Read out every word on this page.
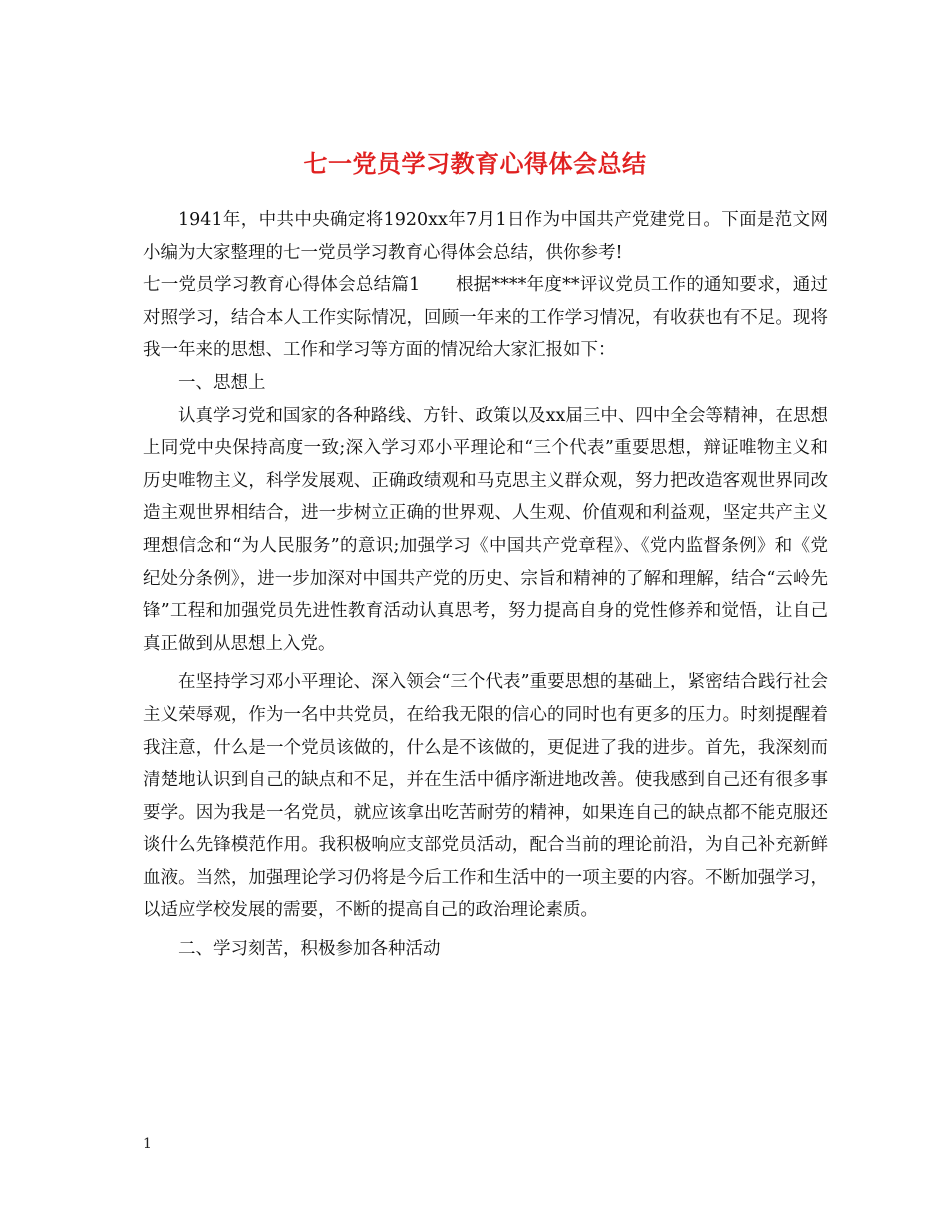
七一党员学习教育心得体会总结

1941年，中共中央确定将1920xx年7月1日作为中国共产党建党日。下面是范文网小编为大家整理的七一党员学习教育心得体会总结，供你参考!

七一党员学习教育心得体会总结篇1　　根据****年度**评议党员工作的通知要求，通过对照学习，结合本人工作实际情况，回顾一年来的工作学习情况，有收获也有不足。现将我一年来的思想、工作和学习等方面的情况给大家汇报如下：

一、思想上

认真学习党和国家的各种路线、方针、政策以及xx届三中、四中全会等精神，在思想上同党中央保持高度一致;深入学习邓小平理论和“三个代表”重要思想，辩证唯物主义和历史唯物主义，科学发展观、正确政绩观和马克思主义群众观，努力把改造客观世界同改造主观世界相结合，进一步树立正确的世界观、人生观、价值观和利益观，坚定共产主义理想信念和“为人民服务”的意识;加强学习《中国共产党章程》、《党内监督条例》和《党纪处分条例》，进一步加深对中国共产党的历史、宗旨和精神的了解和理解，结合“云岭先锋”工程和加强党员先进性教育活动认真思考，努力提高自身的党性修养和觉悟，让自己真正做到从思想上入党。

在坚持学习邓小平理论、深入领会“三个代表”重要思想的基础上，紧密结合践行社会主义荣辱观，作为一名中共党员，在给我无限的信心的同时也有更多的压力。时刻提醒着我注意，什么是一个党员该做的，什么是不该做的，更促进了我的进步。首先，我深刻而清楚地认识到自己的缺点和不足，并在生活中循序渐进地改善。使我感到自己还有很多事要学。因为我是一名党员，就应该拿出吃苦耐劳的精神，如果连自己的缺点都不能克服还谈什么先锋模范作用。我积极响应支部党员活动，配合当前的理论前沿，为自己补充新鲜血液。当然，加强理论学习仍将是今后工作和生活中的一项主要的内容。不断加强学习，以适应学校发展的需要，不断的提高自己的政治理论素质。

二、学习刻苦，积极参加各种活动

1
